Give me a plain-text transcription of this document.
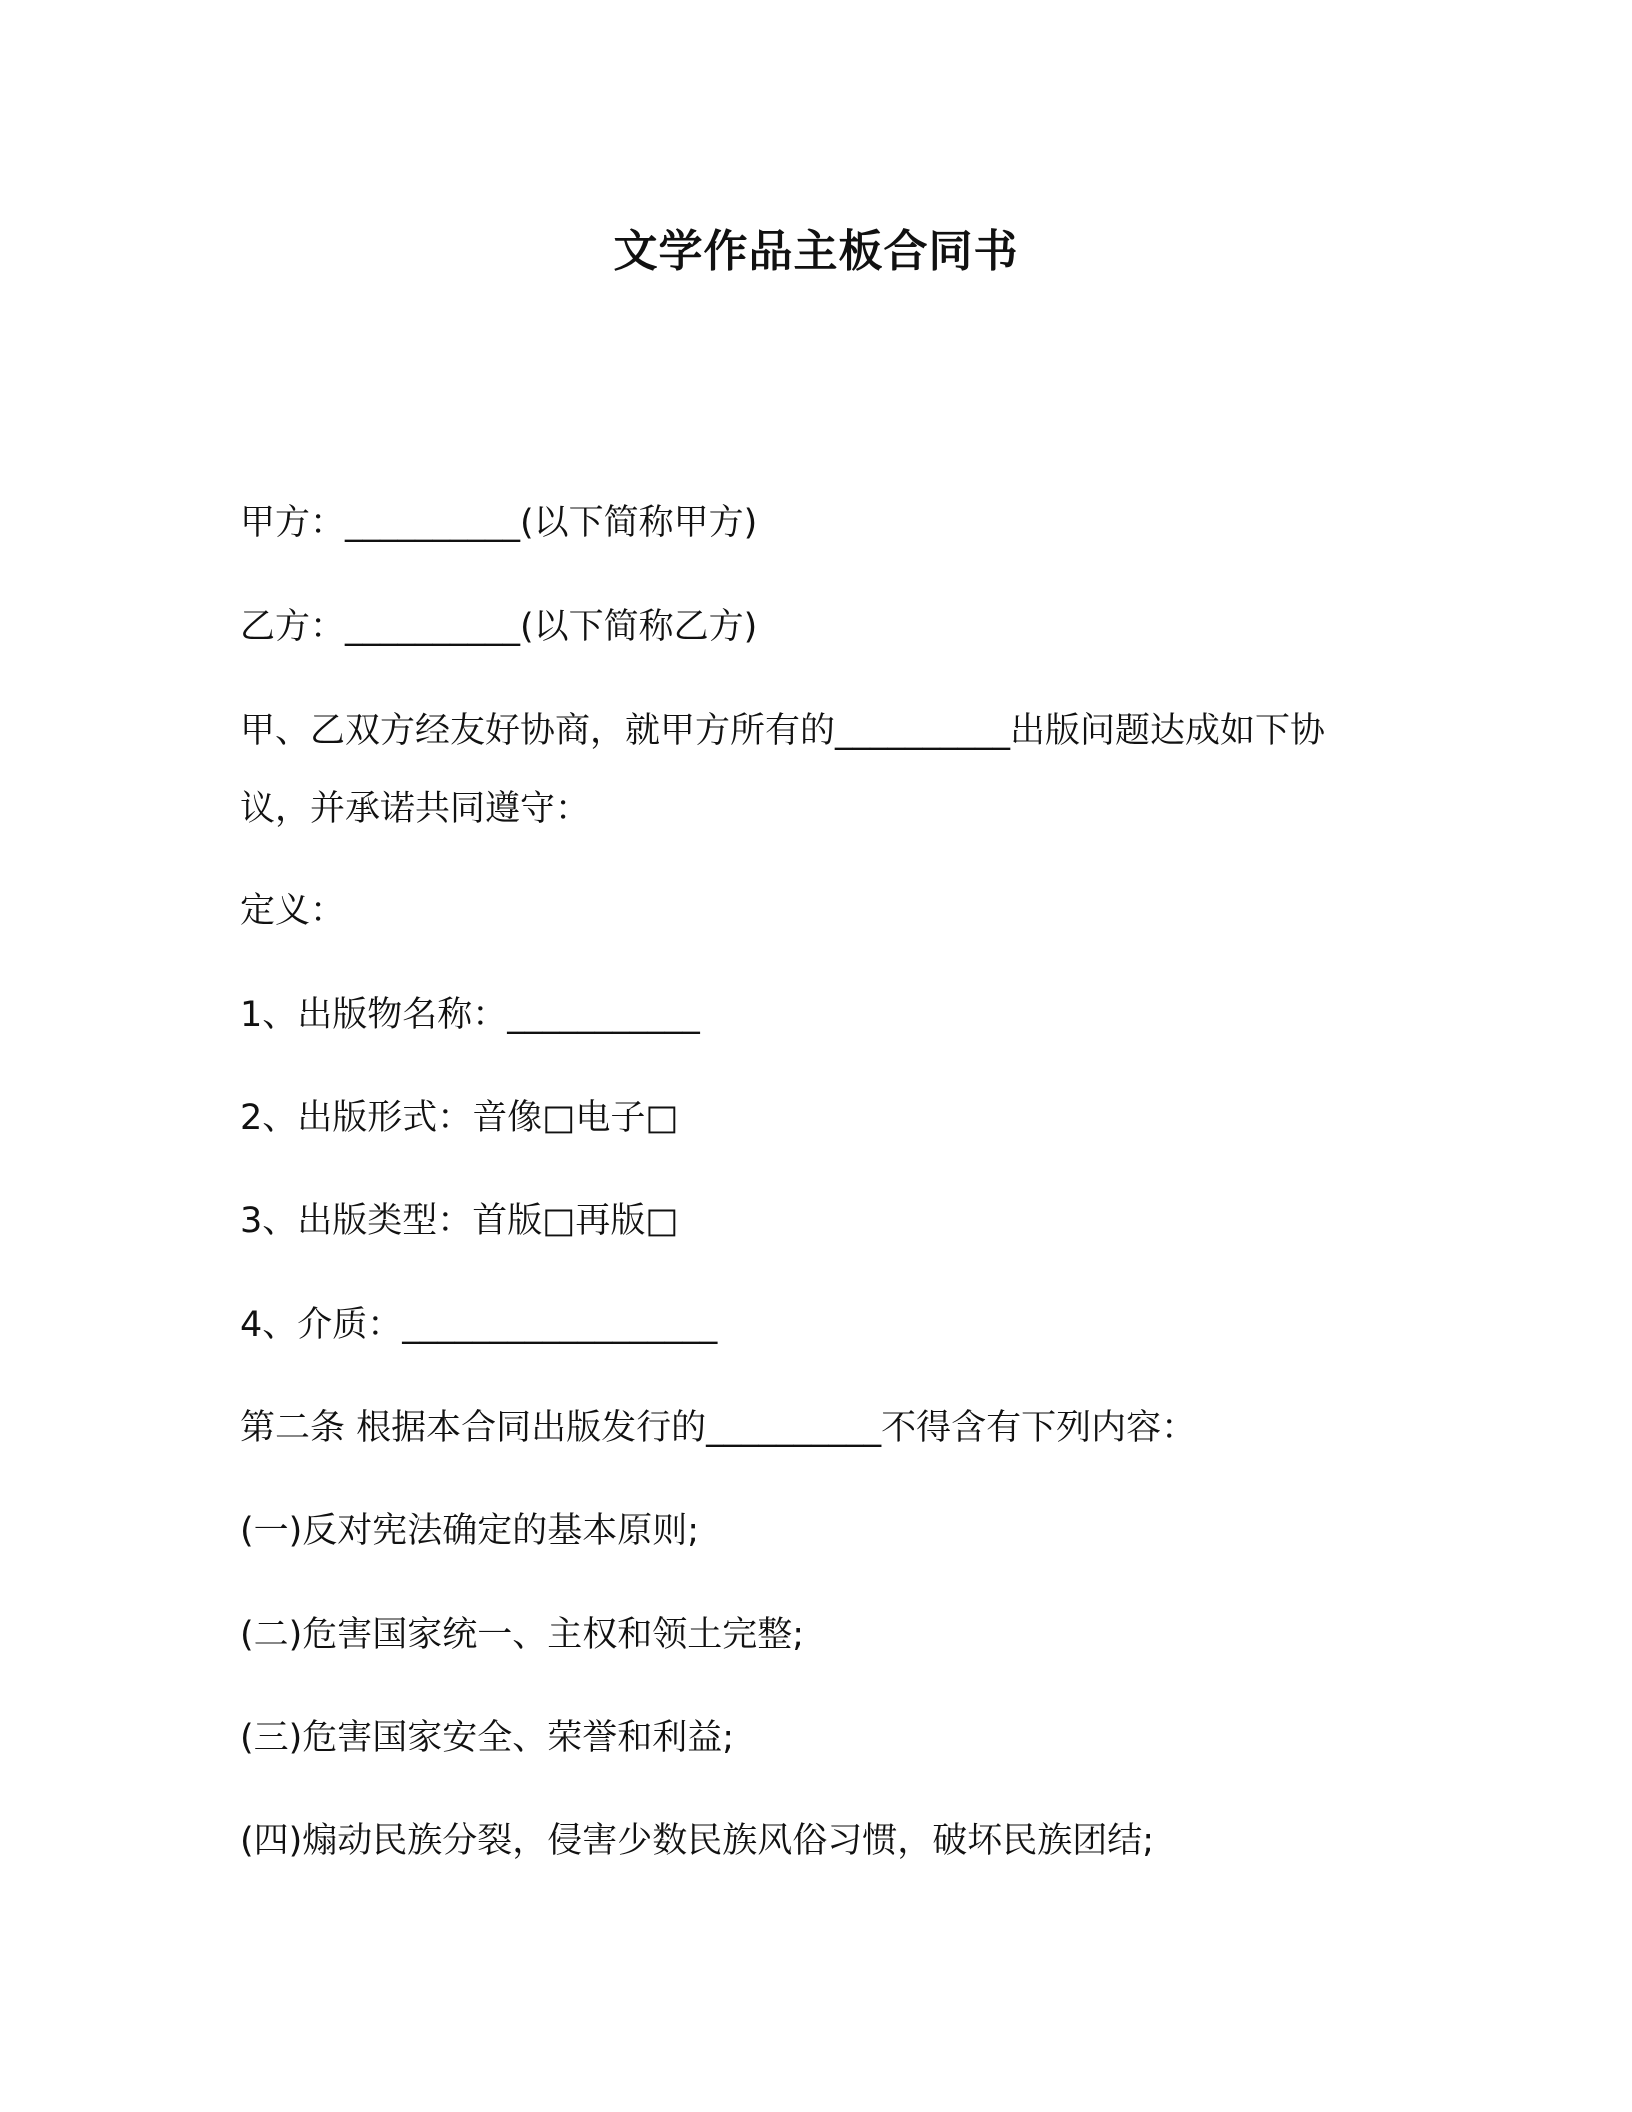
文学作品主板合同书
甲方：__________(以下简称甲方)
乙方：__________(以下简称乙方)
甲、乙双方经友好协商，就甲方所有的__________出版问题达成如下协议，并承诺共同遵守：
定义：
1、出版物名称：___________
2、出版形式：音像□电子□
3、出版类型：首版□再版□
4、介质：__________________
第二条 根据本合同出版发行的__________不得含有下列内容：
(一)反对宪法确定的基本原则;
(二)危害国家统一、主权和领土完整;
(三)危害国家安全、荣誉和利益;
(四)煽动民族分裂，侵害少数民族风俗习惯，破坏民族团结;
